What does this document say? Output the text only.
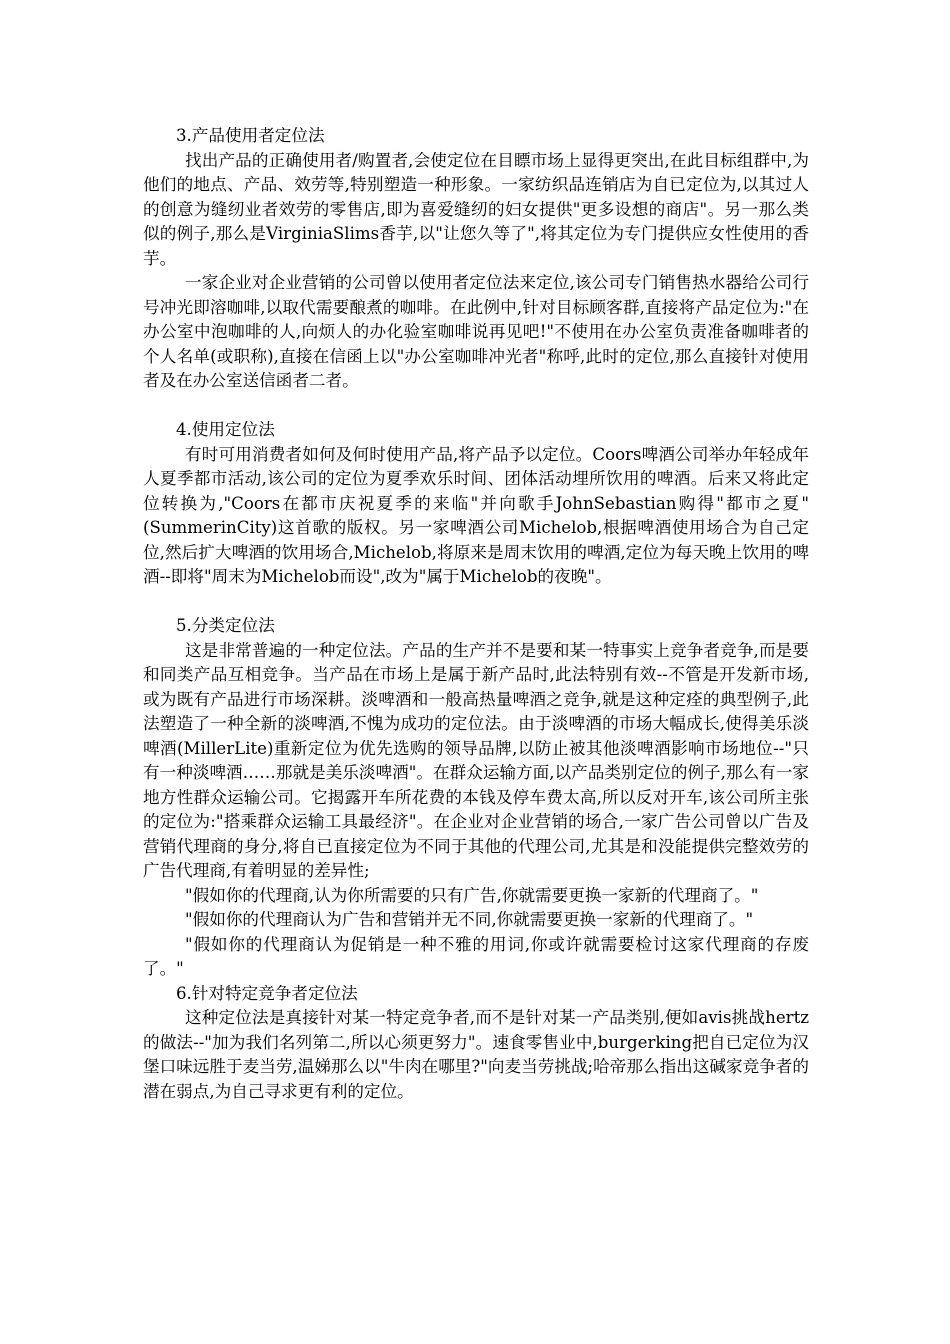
3.产品使用者定位法

找出产品的正确使用者/购置者,会使定位在目瞟市场上显得更突出,在此目标组群中,为他们的地点、产品、效劳等,特别塑造一种形象。一家纺织品连销店为自已定位为,以其过人的创意为缝纫业者效劳的零售店,即为喜爱缝纫的妇女提供"更多设想的商店"。另一那么类似的例子,那么是VirginiaSlims香芋,以"让您久等了",将其定位为专门提供应女性使用的香芋。

一家企业对企业营销的公司曾以使用者定位法来定位,该公司专门销售热水器给公司行号冲光即溶咖啡,以取代需要酿煮的咖啡。在此例中,针对目标顾客群,直接将产品定位为:"在办公室中泡咖啡的人,向烦人的办化验室咖啡说再见吧!"不使用在办公室负责准备咖啡者的个人名单(或职称),直接在信函上以"办公室咖啡冲光者"称呼,此时的定位,那么直接针对使用者及在办公室送信函者二者。

4.使用定位法

有时可用消费者如何及何时使用产品,将产品予以定位。Coors啤酒公司举办年轻成年人夏季都市活动,该公司的定位为夏季欢乐时间、团体活动埋所饮用的啤酒。后来又将此定位转换为,"Coors在都市庆祝夏季的来临"并向歌手JohnSebastian购得"都市之夏"(SummerinCity)这首歌的版权。另一家啤酒公司Michelob,根据啤酒使用场合为自己定位,然后扩大啤酒的饮用场合,Michelob,将原来是周末饮用的啤酒,定位为每天晚上饮用的啤酒--即将"周末为Michelob而设",改为"属于Michelob的夜晚"。

5.分类定位法

这是非常普遍的一种定位法。产品的生产并不是要和某一特事实上竞争者竞争,而是要和同类产品互相竞争。当产品在市场上是属于新产品时,此法特别有效--不管是开发新市场,或为既有产品进行市场深耕。淡啤酒和一般高热量啤酒之竞争,就是这种定痊的典型例子,此法塑造了一种全新的淡啤酒,不愧为成功的定位法。由于淡啤酒的市场大幅成长,使得美乐淡啤酒(MillerLite)重新定位为优先选购的领导品牌,以防止被其他淡啤酒影响市场地位--"只有一种淡啤酒……那就是美乐淡啤酒"。在群众运输方面,以产品类别定位的例子,那么有一家地方性群众运输公司。它揭露开车所花费的本钱及停车费太高,所以反对开车,该公司所主张的定位为:"搭乘群众运输工具最经济"。在企业对企业营销的场合,一家广告公司曾以广告及营销代理商的身分,将自已直接定位为不同于其他的代理公司,尤其是和没能提供完整效劳的广告代理商,有着明显的差异性;

"假如你的代理商,认为你所需要的只有广告,你就需要更换一家新的代理商了。"

"假如你的代理商认为广告和营销并无不同,你就需要更换一家新的代理商了。"

"假如你的代理商认为促销是一种不雅的用词,你或许就需要检讨这家代理商的存废了。"

6.针对特定竞争者定位法

这种定位法是真接针对某一特定竞争者,而不是针对某一产品类别,便如avis挑战hertz的做法--"加为我们名列第二,所以心须更努力"。速食零售业中,burgerking把自已定位为汉堡口味远胜于麦当劳,温娣那么以"牛肉在哪里?"向麦当劳挑战;哈帝那么指出这碱家竞争者的潜在弱点,为自己寻求更有利的定位。
